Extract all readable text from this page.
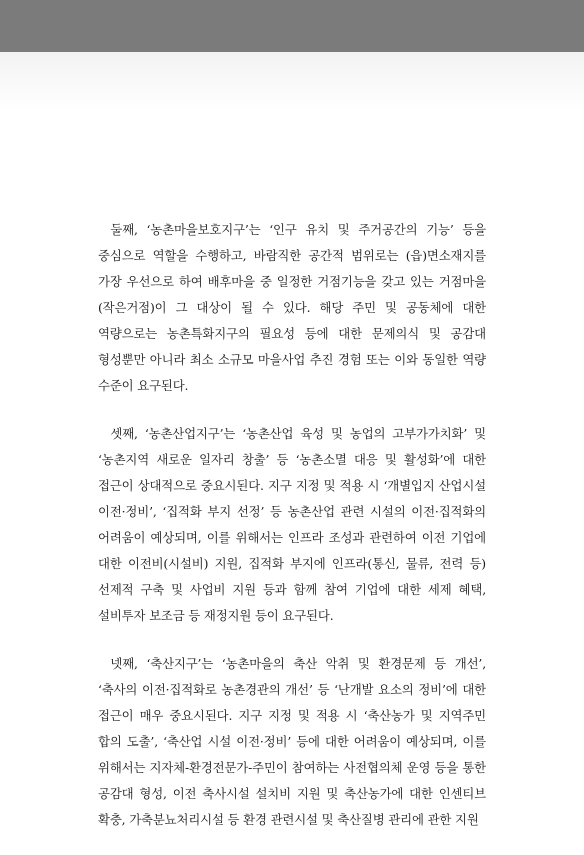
둘째, ‘농촌마을보호지구’는 ‘인구 유치 및 주거공간의 기능’ 등을 중심으로 역할을 수행하고, 바람직한 공간적 범위로는 (읍)면소재지를 가장 우선으로 하여 배후마을 중 일정한 거점기능을 갖고 있는 거점마을(작은거점)이 그 대상이 될 수 있다. 해당 주민 및 공동체에 대한 역량으로는 농촌특화지구의 필요성 등에 대한 문제의식 및 공감대 형성뿐만 아니라 최소 소규모 마을사업 추진 경험 또는 이와 동일한 역량 수준이 요구된다.

셋째, ‘농촌산업지구’는 ‘농촌산업 육성 및 농업의 고부가가치화’ 및 ‘농촌지역 새로운 일자리 창출’ 등 ‘농촌소멸 대응 및 활성화’에 대한 접근이 상대적으로 중요시된다. 지구 지정 및 적용 시 ‘개별입지 산업시설 이전·정비’, ‘집적화 부지 선정’ 등 농촌산업 관련 시설의 이전·집적화의 어려움이 예상되며, 이를 위해서는 인프라 조성과 관련하여 이전 기업에 대한 이전비(시설비) 지원, 집적화 부지에 인프라(통신, 물류, 전력 등) 선제적 구축 및 사업비 지원 등과 함께 참여 기업에 대한 세제 혜택, 설비투자 보조금 등 재정지원 등이 요구된다.

넷째, ‘축산지구’는 ‘농촌마을의 축산 악취 및 환경문제 등 개선’, ‘축사의 이전·집적화로 농촌경관의 개선’ 등 ‘난개발 요소의 정비’에 대한 접근이 매우 중요시된다. 지구 지정 및 적용 시 ‘축산농가 및 지역주민 합의 도출’, ‘축산업 시설 이전·정비’ 등에 대한 어려움이 예상되며, 이를 위해서는 지자체-환경전문가-주민이 참여하는 사전협의체 운영 등을 통한 공감대 형성, 이전 축사시설 설치비 지원 및 축산농가에 대한 인센티브 확충, 가축분뇨처리시설 등 환경 관련시설 및 축산질병 관리에 관한 지원
